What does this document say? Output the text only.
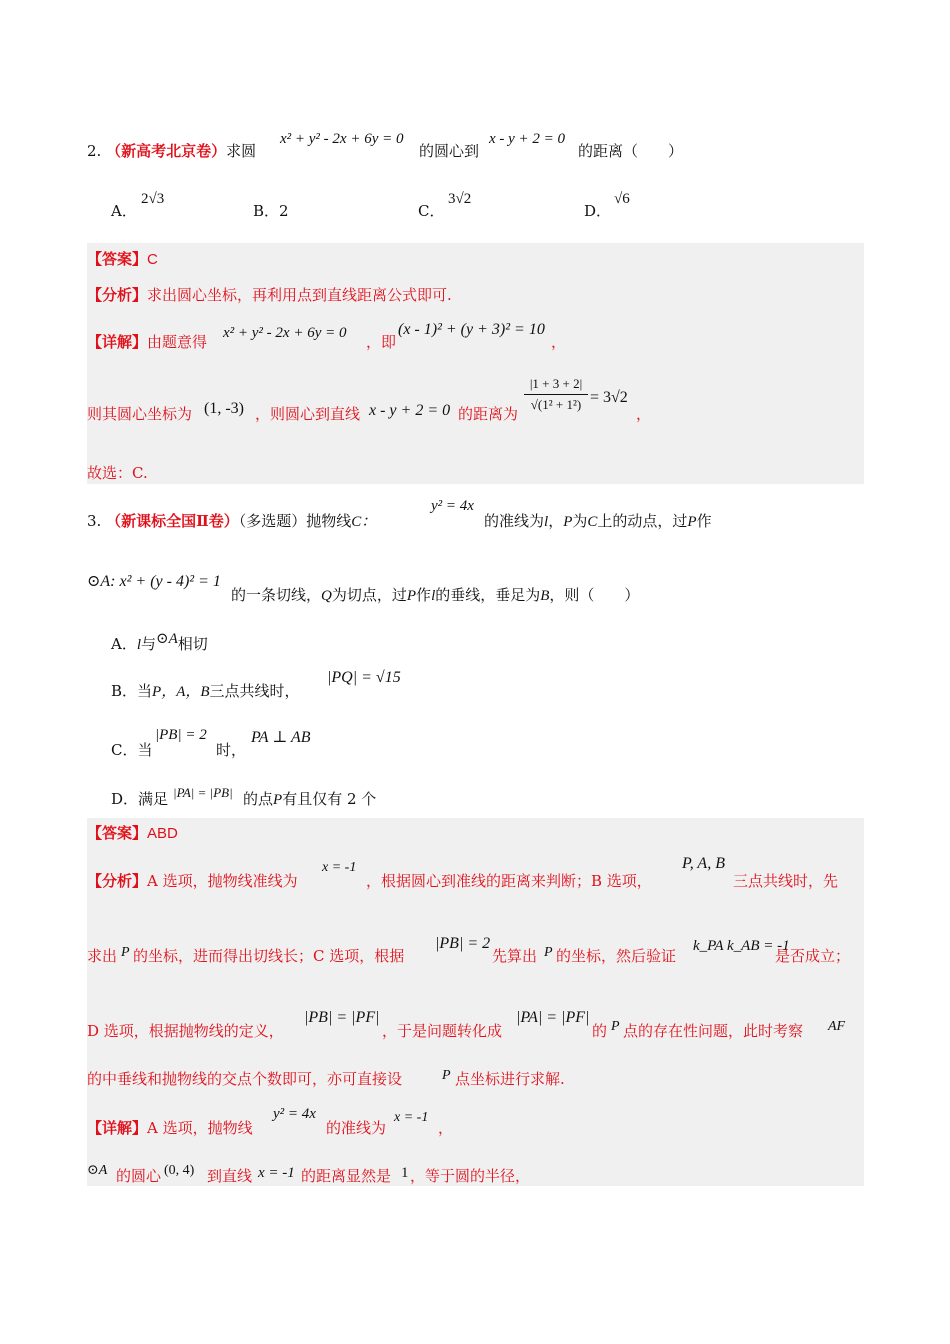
2. （新高考北京卷）求圆
x² + y² - 2x + 6y = 0
的圆心到
x - y + 2 = 0
的距离（　　）
A．
2√3
B．2	C．
3√2
D．
√6
【答案】C
【分析】求出圆心坐标，再利用点到直线距离公式即可.
【详解】由题意得 x² + y² - 2x + 6y = 0 ，即
(x - 1)² + (y + 3)² = 10
，
则其圆心坐标为 (1, -3) ，则圆心到直线 x - y + 2 = 0 的距离为
$\frac{|1 + 3 + 2|}{\text{√(1² + 1²)}} = 3√2$
，
故选：C.
3. （新课标全国Ⅱ卷）（多选题）抛物线C：
y² = 4x
的准线为l，P为C上的动点，过P作
⊙A: x² + (y - 4)² = 1
的一条切线，Q为切点，过P作l的垂线，垂足为B，则（　　）
A．l与⊙A相切
B．当P，A，B三点共线时，
|PQ| = √15
C．当
|PB| = 2
时，
PA ⊥ AB
D．满足 |PA| = |PB| 的点P有且仅有 2 个
【答案】ABD
【分析】A 选项，抛物线准线为
x = -1
，根据圆心到准线的距离来判断；B 选项，
P, A, B
三点共线时，先
求出 P 的坐标，进而得出切线长；C 选项，根据
|PB| = 2
先算出 P 的坐标，然后验证
k_PA k_AB = -1
是否成立；
D 选项，根据抛物线的定义，
|PB| = |PF|
，于是问题转化成
|PA| = |PF|
的 P 点的存在性问题，此时考察 AF
的中垂线和抛物线的交点个数即可，亦可直接设	P 点坐标进行求解.
【详解】A 选项，抛物线
y² = 4x
的准线为
x = -1
，
⊙A 的圆心 (0, 4) 到直线 x = -1 的距离显然是 1 ，等于圆的半径，
